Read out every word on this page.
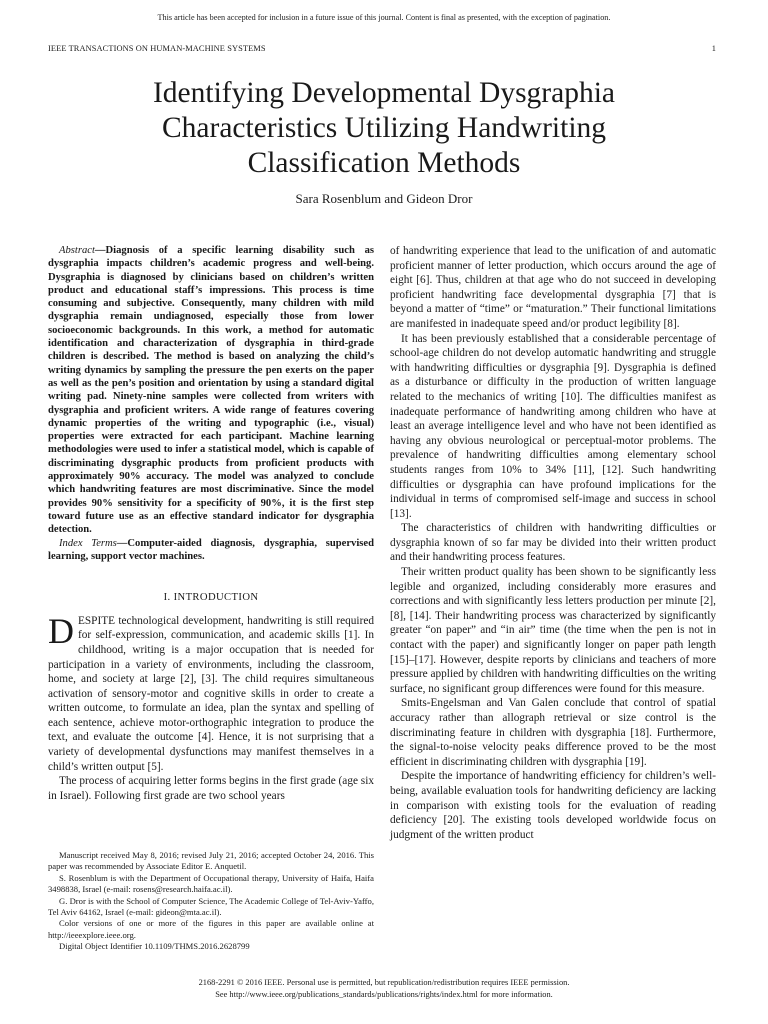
This article has been accepted for inclusion in a future issue of this journal. Content is final as presented, with the exception of pagination.
IEEE TRANSACTIONS ON HUMAN-MACHINE SYSTEMS	1
Identifying Developmental Dysgraphia Characteristics Utilizing Handwriting Classification Methods
Sara Rosenblum and Gideon Dror

Abstract—Diagnosis of a specific learning disability such as dysgraphia impacts children’s academic progress and well-being. Dysgraphia is diagnosed by clinicians based on children’s written product and educational staff’s impressions. This process is time consuming and subjective. Consequently, many children with mild dysgraphia remain undiagnosed, especially those from lower socioeconomic backgrounds. In this work, a method for automatic identification and characterization of dysgraphia in third-grade children is described. The method is based on analyzing the child’s writing dynamics by sampling the pressure the pen exerts on the paper as well as the pen’s position and orientation by using a standard digital writing pad. Ninety-nine samples were collected from writers with dysgraphia and proficient writers. A wide range of features covering dynamic properties of the writing and typographic (i.e., visual) properties were extracted for each participant. Machine learning methodologies were used to infer a statistical model, which is capable of discriminating dysgraphic products from proficient products with approximately 90% accuracy. The model was analyzed to conclude which handwriting features are most discriminative. Since the model provides 90% sensitivity for a specificity of 90%, it is the first step toward future use as an effective standard indicator for dysgraphia detection.

Index Terms—Computer-aided diagnosis, dysgraphia, supervised learning, support vector machines.

I. INTRODUCTION

DESPITE technological development, handwriting is still required for self-expression, communication, and academic skills [1]. In childhood, writing is a major occupation that is needed for participation in a variety of environments, including the classroom, home, and society at large [2], [3]. The child requires simultaneous activation of sensory-motor and cognitive skills in order to create a written outcome, to formulate an idea, plan the syntax and spelling of each sentence, achieve motor-orthographic integration to produce the text, and evaluate the outcome [4]. Hence, it is not surprising that a variety of developmental dysfunctions may manifest themselves in a child’s written output [5].

The process of acquiring letter forms begins in the first grade (age six in Israel). Following first grade are two school years

Manuscript received May 8, 2016; revised July 21, 2016; accepted October 24, 2016. This paper was recommended by Associate Editor E. Anquetil.

S. Rosenblum is with the Department of Occupational therapy, University of Haifa, Haifa 3498838, Israel (e-mail: rosens@research.haifa.ac.il).

G. Dror is with the School of Computer Science, The Academic College of Tel-Aviv-Yaffo, Tel Aviv 64162, Israel (e-mail: gideon@mta.ac.il).

Color versions of one or more of the figures in this paper are available online at http://ieeexplore.ieee.org.

Digital Object Identifier 10.1109/THMS.2016.2628799

of handwriting experience that lead to the unification of and automatic proficient manner of letter production, which occurs around the age of eight [6]. Thus, children at that age who do not succeed in developing proficient handwriting face developmental dysgraphia [7] that is beyond a matter of “time” or “maturation.” Their functional limitations are manifested in inadequate speed and/or product legibility [8].

It has been previously established that a considerable percentage of school-age children do not develop automatic handwriting and struggle with handwriting difficulties or dysgraphia [9]. Dysgraphia is defined as a disturbance or difficulty in the production of written language related to the mechanics of writing [10]. The difficulties manifest as inadequate performance of handwriting among children who have at least an average intelligence level and who have not been identified as having any obvious neurological or perceptual-motor problems. The prevalence of handwriting difficulties among elementary school students ranges from 10% to 34% [11], [12]. Such handwriting difficulties or dysgraphia can have profound implications for the individual in terms of compromised self-image and success in school [13].

The characteristics of children with handwriting difficulties or dysgraphia known of so far may be divided into their written product and their handwriting process features.

Their written product quality has been shown to be significantly less legible and organized, including considerably more erasures and corrections and with significantly less letters production per minute [2], [8], [14]. Their handwriting process was characterized by significantly greater “on paper” and “in air” time (the time when the pen is not in contact with the paper) and significantly longer on paper path length [15]–[17]. However, despite reports by clinicians and teachers of more pressure applied by children with handwriting difficulties on the writing surface, no significant group differences were found for this measure.

Smits-Engelsman and Van Galen conclude that control of spatial accuracy rather than allograph retrieval or size control is the discriminating feature in children with dysgraphia [18]. Furthermore, the signal-to-noise velocity peaks difference proved to be the most efficient in discriminating children with dysgraphia [19].

Despite the importance of handwriting efficiency for children’s well-being, available evaluation tools for handwriting deficiency are lacking in comparison with existing tools for the evaluation of reading deficiency [20]. The existing tools developed worldwide focus on judgment of the written product

2168-2291 © 2016 IEEE. Personal use is permitted, but republication/redistribution requires IEEE permission.
See http://www.ieee.org/publications_standards/publications/rights/index.html for more information.
